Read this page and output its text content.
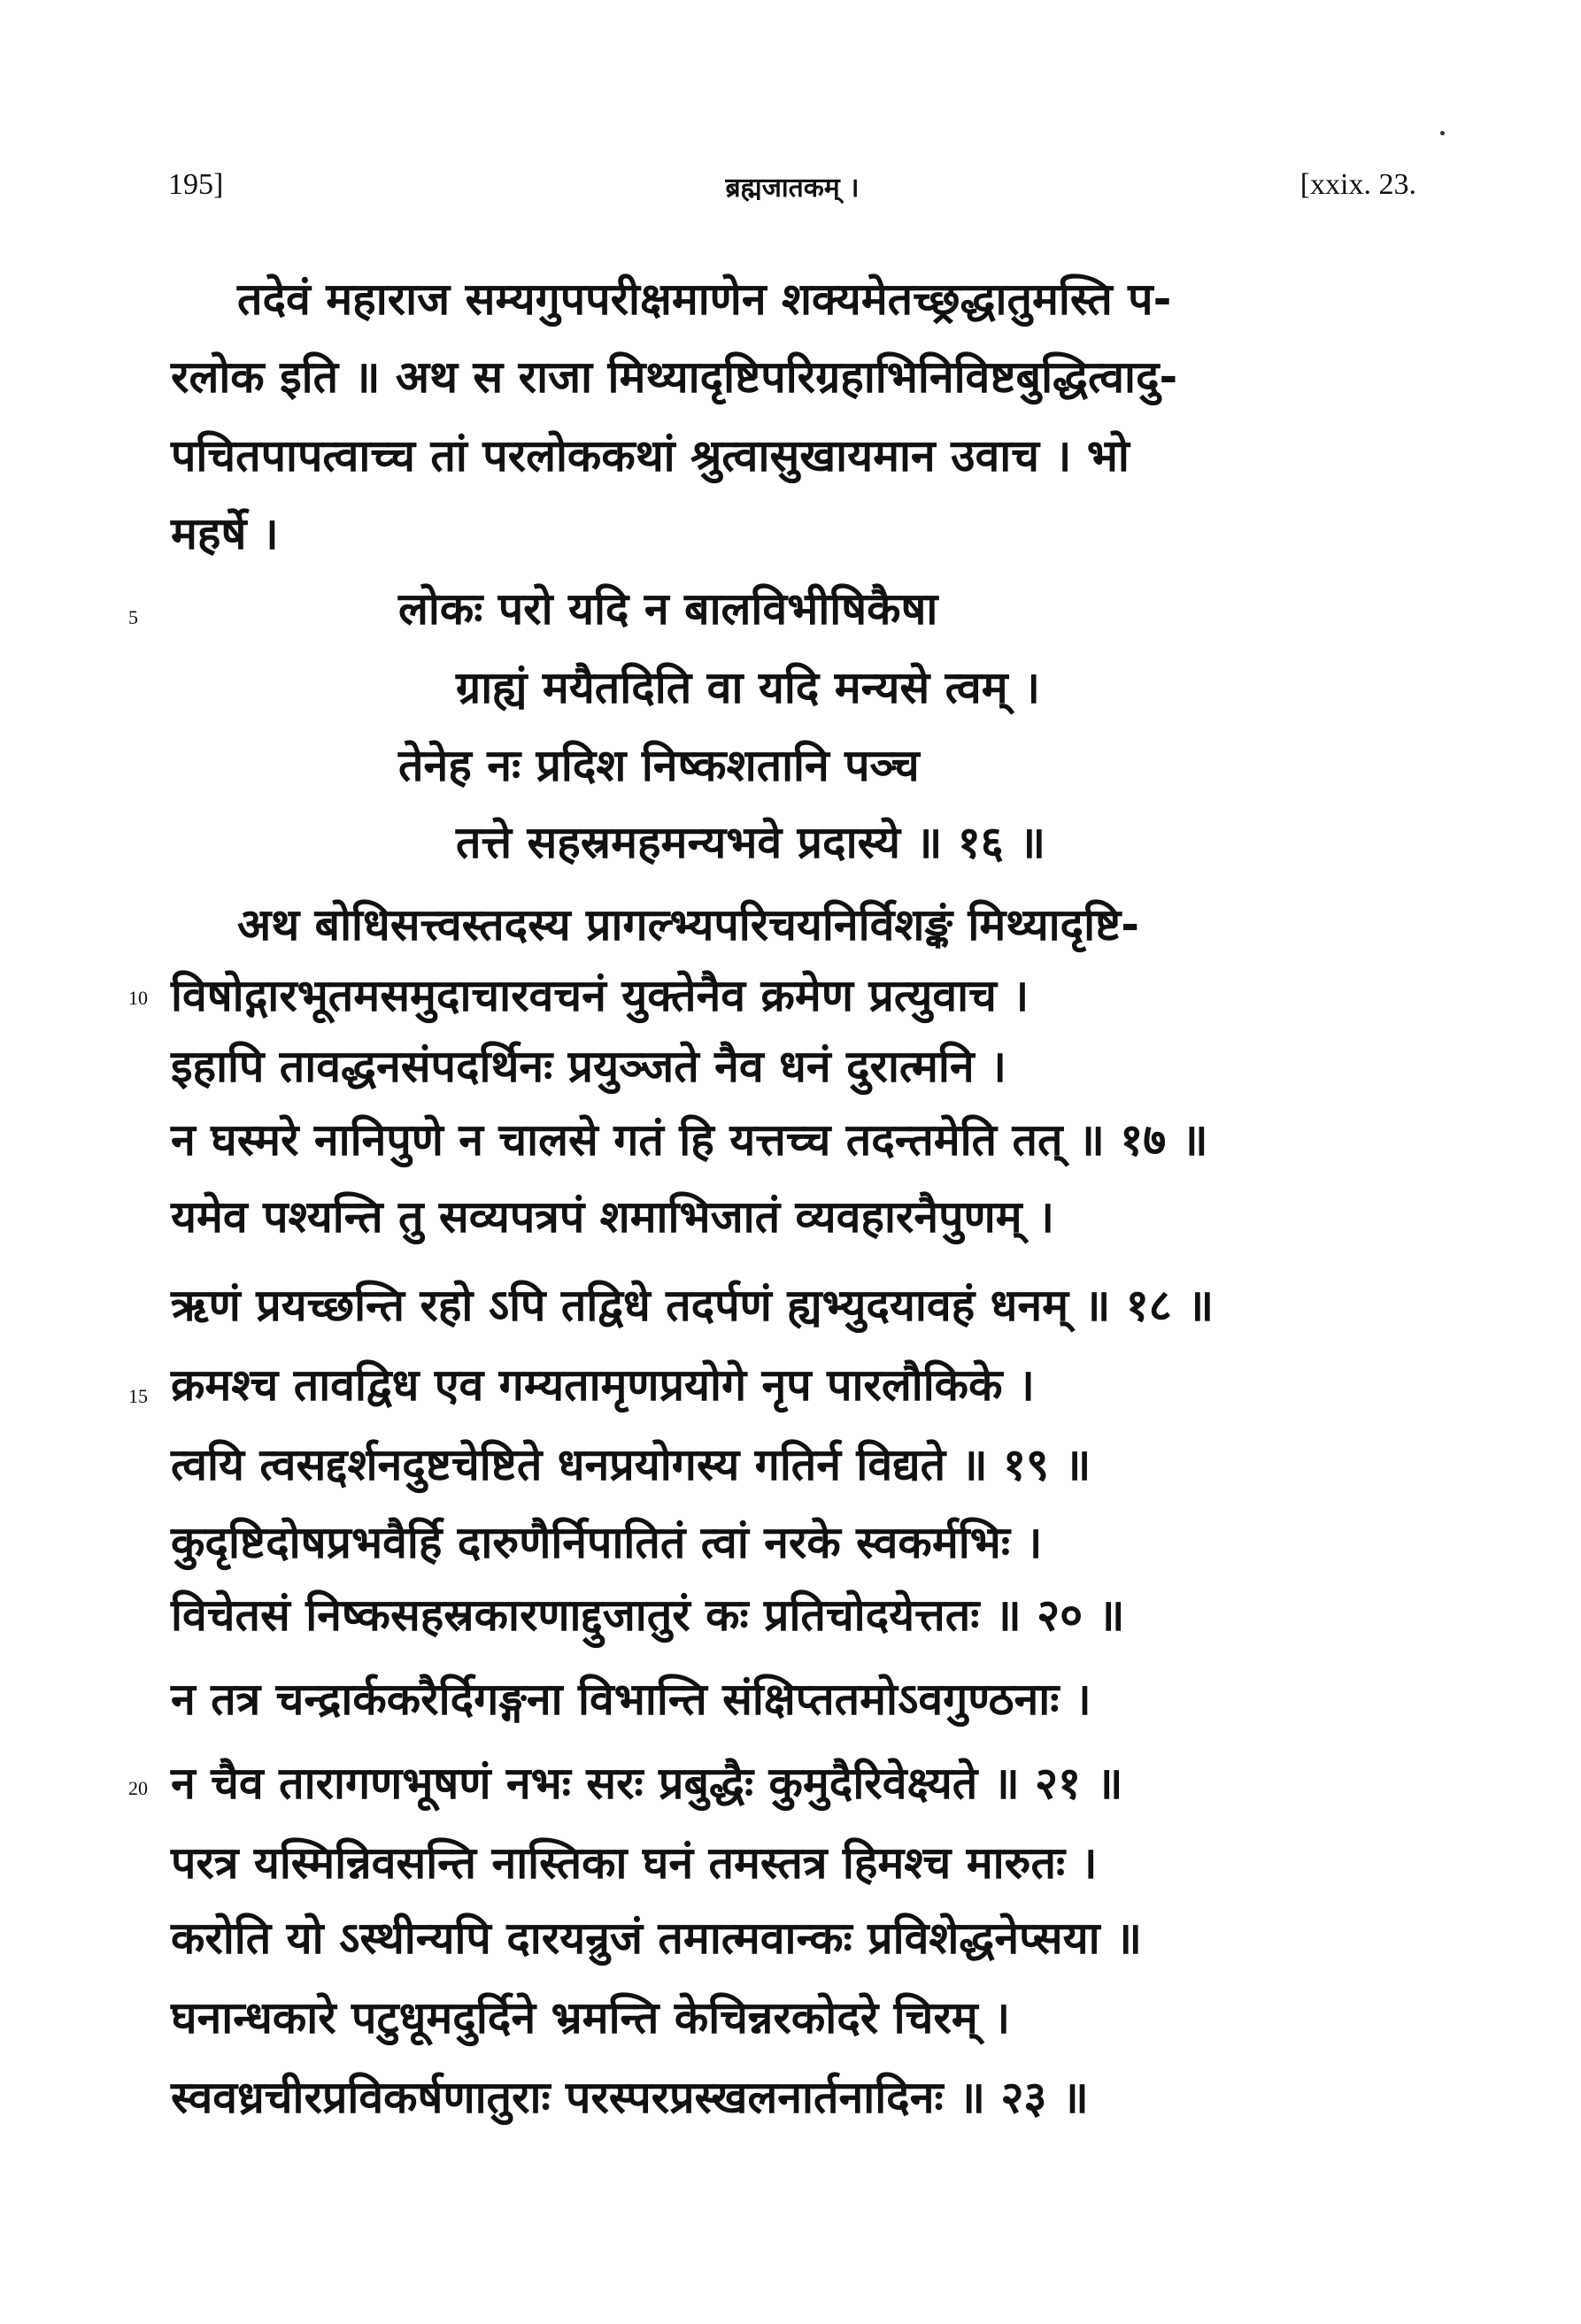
195]	ब्रह्मजातकम् ।	[xxix. 23.
5
10
15
20
तदेवं महाराज सम्यगुपपरीक्षमाणेन शक्यमेतच्छ्रद्धातुमस्ति प-
रलोक इति ॥ अथ स राजा मिथ्यादृष्टिपरिग्रहाभिनिविष्टबुद्धित्वादु-
पचितपापत्वाच्च तां परलोककथां श्रुत्वासुखायमान उवाच । भो
महर्षे ।
लोकः परो यदि न बालविभीषिकैषा
ग्राह्यं मयैतदिति वा यदि मन्यसे त्वम् ।
तेनेह नः प्रदिश निष्कशतानि पञ्च
तत्ते सहस्रमहमन्यभवे प्रदास्ये ॥ १६ ॥
अथ बोधिसत्त्वस्तदस्य प्रागल्भ्यपरिचयनिर्विशङ्कं मिथ्यादृष्टि-
विषोद्गारभूतमसमुदाचारवचनं युक्तेनैव क्रमेण प्रत्युवाच ।
इहापि तावद्धनसंपदर्थिनः प्रयुञ्जते नैव धनं दुरात्मनि ।
न घस्मरे नानिपुणे न चालसे गतं हि यत्तच्च तदन्तमेति तत् ॥ १७ ॥
यमेव पश्यन्ति तु सव्यपत्रपं शमाभिजातं व्यवहारनैपुणम् ।
ऋणं प्रयच्छन्ति रहो ऽपि तद्विधे तदर्पणं ह्यभ्युदयावहं धनम् ॥ १८ ॥
क्रमश्च तावद्विध एव गम्यतामृणप्रयोगे नृप पारलौकिके ।
त्वयि त्वसद्दर्शनदुष्टचेष्टिते धनप्रयोगस्य गतिर्न विद्यते ॥ १९ ॥
कुदृष्टिदोषप्रभवैर्हि दारुणैर्निपातितं त्वां नरके स्वकर्मभिः ।
विचेतसं निष्कसहस्रकारणाद्दुजातुरं कः प्रतिचोदयेत्ततः ॥ २० ॥
न तत्र चन्द्रार्ककरैर्दिगङ्गना विभान्ति संक्षिप्ततमोऽवगुण्ठनाः ।
न चैव तारागणभूषणं नभः सरः प्रबुद्धैः कुमुदैरिवेक्ष्यते ॥ २१ ॥
परत्र यस्मिन्निवसन्ति नास्तिका घनं तमस्तत्र हिमश्च मारुतः ।
करोति यो ऽस्थीन्यपि दारयन्रुजं तमात्मवान्कः प्रविशेद्धनेप्सया ॥
घनान्धकारे पटुधूमदुर्दिने भ्रमन्ति केचिन्नरकोदरे चिरम् ।
स्ववध्रचीरप्रविकर्षणातुराः परस्परप्रस्खलनार्तनादिनः ॥ २३ ॥
